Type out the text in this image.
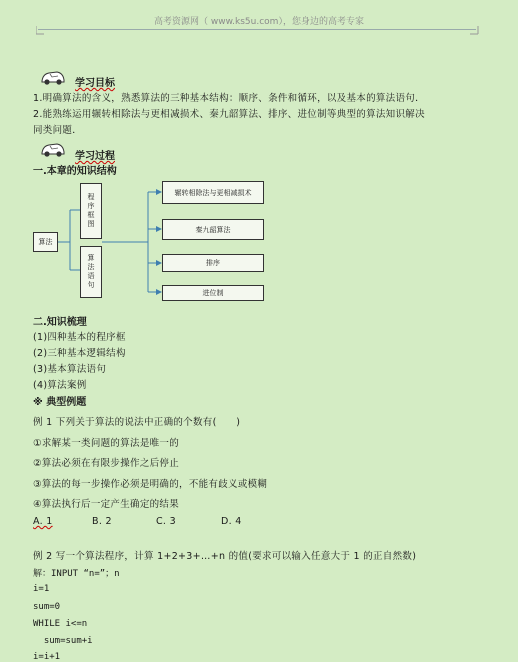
高考资源网（ www.ks5u.com），您身边的高考专家
学习目标
1.明确算法的含义，熟悉算法的三种基本结构：顺序、条件和循环，以及基本的算法语句．
2.能熟练运用辗转相除法与更相减损术、秦九韶算法、排序、进位制等典型的算法知识解决
同类问题．
学习过程
一.本章的知识结构
算法
程序框图
算法语句
辗转相除法与更相减损术
秦九韶算法
排序
进位制
二.知识梳理
(1)四种基本的程序框
(2)三种基本逻辑结构
(3)基本算法语句
(4)算法案例
※ 典型例题
例 1 下列关于算法的说法中正确的个数有(　　)
①求解某一类问题的算法是唯一的
②算法必须在有限步操作之后停止
③算法的每一步操作必须是明确的，不能有歧义或模糊
④算法执行后一定产生确定的结果
A. 1	B. 2	C. 3	D. 4
例 2 写一个算法程序，计算 1+2+3+…+n 的值(要求可以输入任意大于 1 的正自然数)
解：INPUT “n=”；n
i=1
sum=0
WHILE i<=n
sum=sum+i
i=i+1
